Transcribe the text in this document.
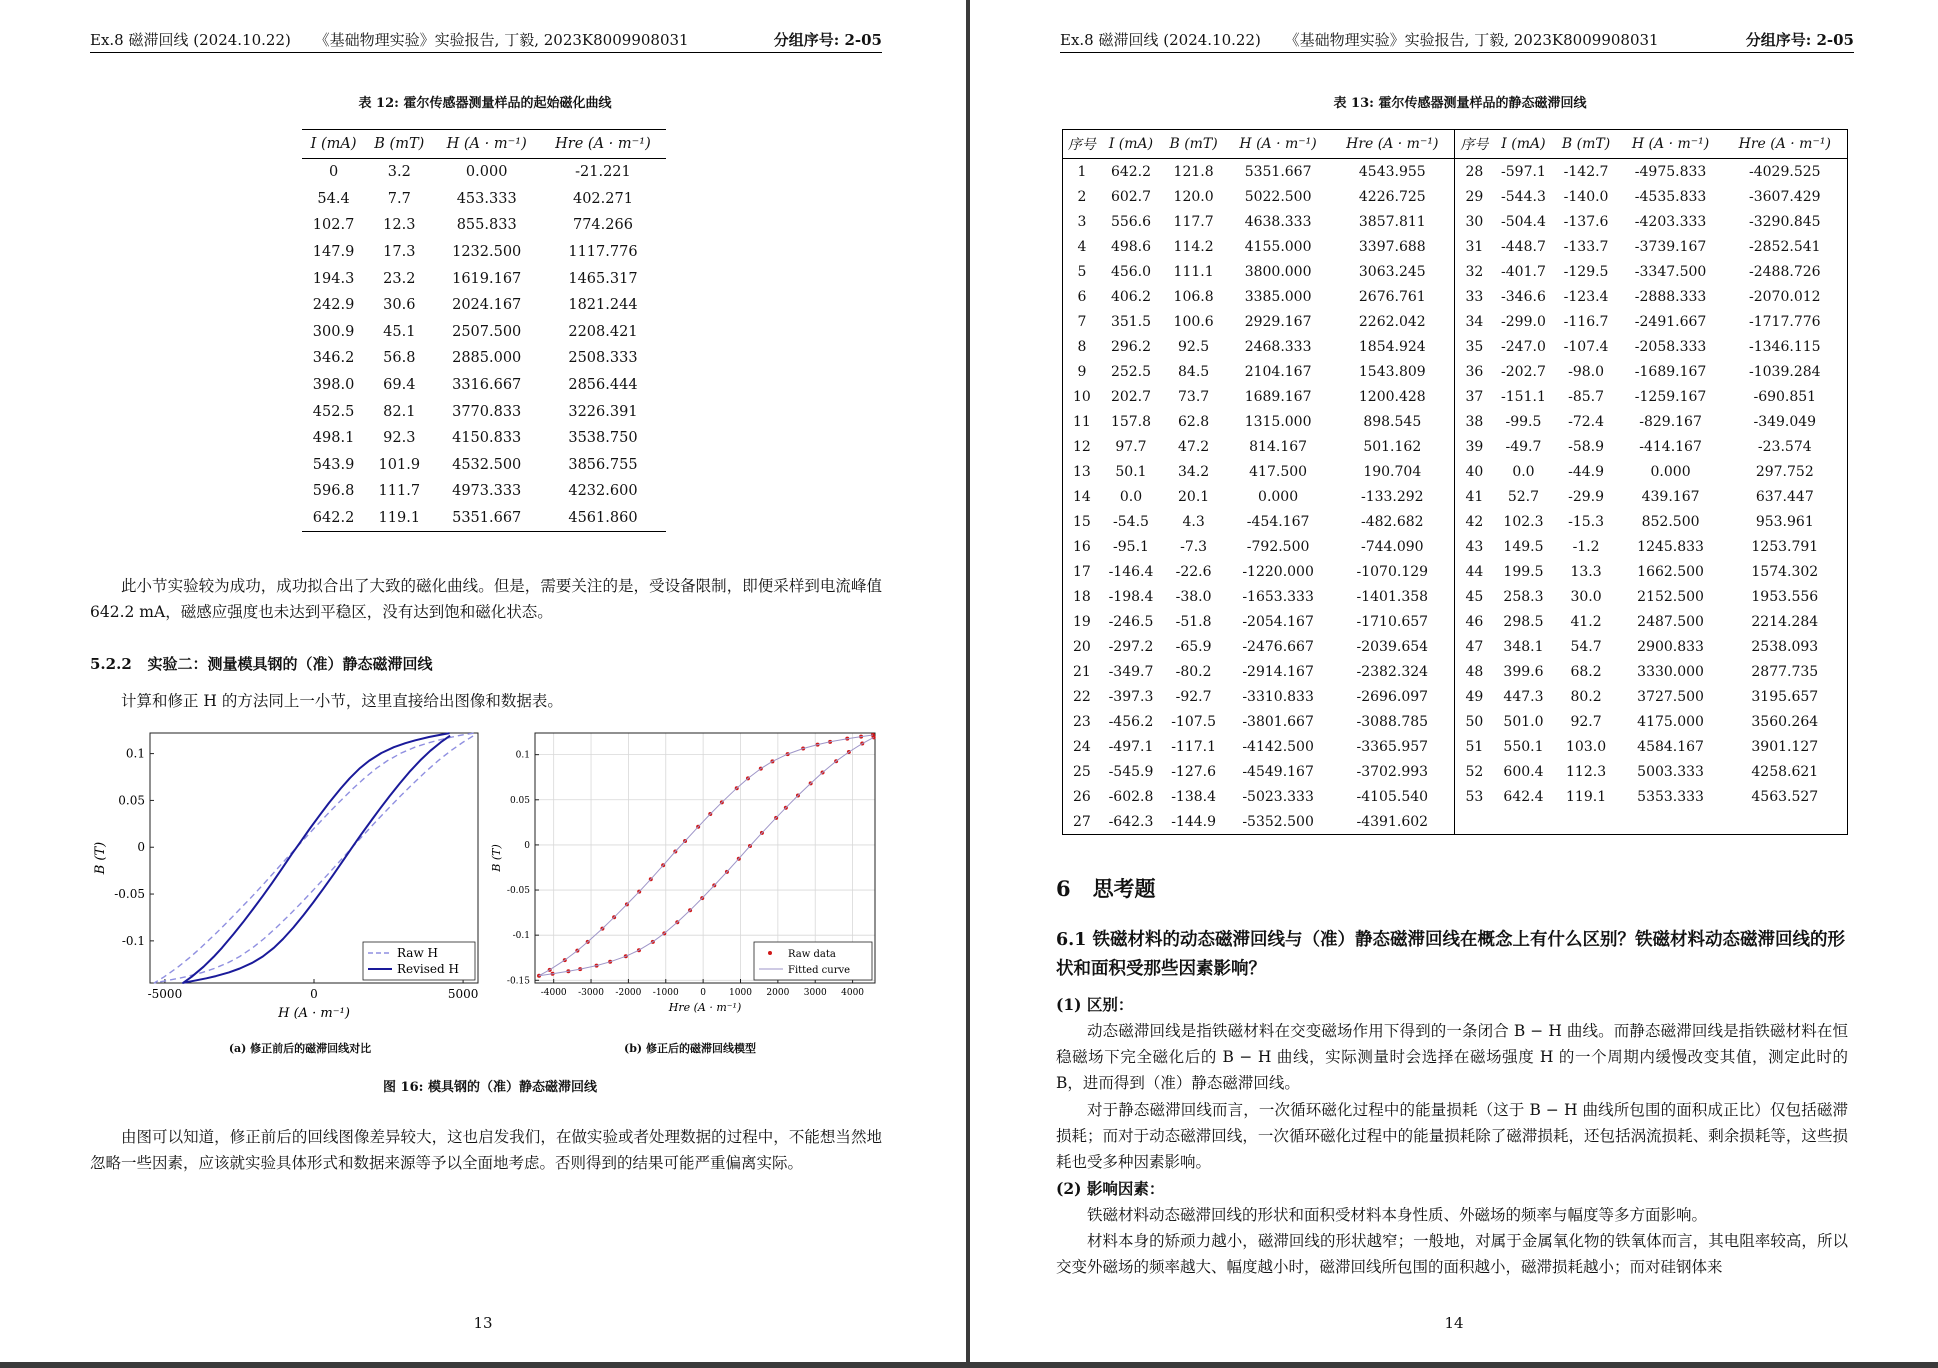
Ex.8 磁滞回线 (2024.10.22)     《基础物理实验》实验报告, 丁毅, 2023K8009908031	分组序号: 2-05
表 12: 霍尔传感器测量样品的起始磁化曲线
I (mA)	B (mT)	H (A · m⁻¹)	Hre (A · m⁻¹)
0	3.2	0.000	-21.221
54.4	7.7	453.333	402.271
102.7	12.3	855.833	774.266
147.9	17.3	1232.500	1117.776
194.3	23.2	1619.167	1465.317
242.9	30.6	2024.167	1821.244
300.9	45.1	2507.500	2208.421
346.2	56.8	2885.000	2508.333
398.0	69.4	3316.667	2856.444
452.5	82.1	3770.833	3226.391
498.1	92.3	4150.833	3538.750
543.9	101.9	4532.500	3856.755
596.8	111.7	4973.333	4232.600
642.2	119.1	5351.667	4561.860
此小节实验较为成功，成功拟合出了大致的磁化曲线。但是，需要关注的是，受设备限制，即便采样到电流峰值 642.2 mA，磁感应强度也未达到平稳区，没有达到饱和磁化状态。
5.2.2 实验二：测量模具钢的（准）静态磁滞回线
计算和修正 H 的方法同上一小节，这里直接给出图像和数据表。
-5000	0	5000
0.1
0.05
0
-0.05
-0.1
H (A · m⁻¹)
B (T)
Raw H
Revised H
-4000 -3000 -2000 -1000 0	1000 2000 3000 4000
0.1
0.05
0
-0.05
-0.1
-0.15
Hre (A · m⁻¹)
B (T)
Raw data
Fitted curve
(a) 修正前后的磁滞回线对比	(b) 修正后的磁滞回线模型
图 16: 模具钢的（准）静态磁滞回线
由图可以知道，修正前后的回线图像差异较大，这也启发我们，在做实验或者处理数据的过程中，不能想当然地忽略一些因素，应该就实验具体形式和数据来源等予以全面地考虑。否则得到的结果可能严重偏离实际。
13
Ex.8 磁滞回线 (2024.10.22)     《基础物理实验》实验报告, 丁毅, 2023K8009908031	分组序号: 2-05
表 13: 霍尔传感器测量样品的静态磁滞回线
序号	I (mA)	B (mT)	H (A · m⁻¹)	Hre (A · m⁻¹)	序号	I (mA)	B (mT)	H (A · m⁻¹)	Hre (A · m⁻¹)
1	642.2	121.8	5351.667	4543.955	28	-597.1	-142.7	-4975.833	-4029.525
2	602.7	120.0	5022.500	4226.725	29	-544.3	-140.0	-4535.833	-3607.429
3	556.6	117.7	4638.333	3857.811	30	-504.4	-137.6	-4203.333	-3290.845
4	498.6	114.2	4155.000	3397.688	31	-448.7	-133.7	-3739.167	-2852.541
5	456.0	111.1	3800.000	3063.245	32	-401.7	-129.5	-3347.500	-2488.726
6	406.2	106.8	3385.000	2676.761	33	-346.6	-123.4	-2888.333	-2070.012
7	351.5	100.6	2929.167	2262.042	34	-299.0	-116.7	-2491.667	-1717.776
8	296.2	92.5	2468.333	1854.924	35	-247.0	-107.4	-2058.333	-1346.115
9	252.5	84.5	2104.167	1543.809	36	-202.7	-98.0	-1689.167	-1039.284
10	202.7	73.7	1689.167	1200.428	37	-151.1	-85.7	-1259.167	-690.851
11	157.8	62.8	1315.000	898.545	38	-99.5	-72.4	-829.167	-349.049
12	97.7	47.2	814.167	501.162	39	-49.7	-58.9	-414.167	-23.574
13	50.1	34.2	417.500	190.704	40	0.0	-44.9	0.000	297.752
14	0.0	20.1	0.000	-133.292	41	52.7	-29.9	439.167	637.447
15	-54.5	4.3	-454.167	-482.682	42	102.3	-15.3	852.500	953.961
16	-95.1	-7.3	-792.500	-744.090	43	149.5	-1.2	1245.833	1253.791
17	-146.4	-22.6	-1220.000	-1070.129	44	199.5	13.3	1662.500	1574.302
18	-198.4	-38.0	-1653.333	-1401.358	45	258.3	30.0	2152.500	1953.556
19	-246.5	-51.8	-2054.167	-1710.657	46	298.5	41.2	2487.500	2214.284
20	-297.2	-65.9	-2476.667	-2039.654	47	348.1	54.7	2900.833	2538.093
21	-349.7	-80.2	-2914.167	-2382.324	48	399.6	68.2	3330.000	2877.735
22	-397.3	-92.7	-3310.833	-2696.097	49	447.3	80.2	3727.500	3195.657
23	-456.2	-107.5	-3801.667	-3088.785	50	501.0	92.7	4175.000	3560.264
24	-497.1	-117.1	-4142.500	-3365.957	51	550.1	103.0	4584.167	3901.127
25	-545.9	-127.6	-4549.167	-3702.993	52	600.4	112.3	5003.333	4258.621
26	-602.8	-138.4	-5023.333	-4105.540	53	642.4	119.1	5353.333	4563.527
27	-642.3	-144.9	-5352.500	-4391.602					
6 思考题
6.1 铁磁材料的动态磁滞回线与（准）静态磁滞回线在概念上有什么区别？铁磁材料动态磁滞回线的形状和面积受那些因素影响？
(1) 区别：
动态磁滞回线是指铁磁材料在交变磁场作用下得到的一条闭合 B − H 曲线。而静态磁滞回线是指铁磁材料在恒稳磁场下完全磁化后的 B − H 曲线，实际测量时会选择在磁场强度 H 的一个周期内缓慢改变其值，测定此时的 B，进而得到（准）静态磁滞回线。
对于静态磁滞回线而言，一次循环磁化过程中的能量损耗（这于 B − H 曲线所包围的面积成正比）仅包括磁滞损耗；而对于动态磁滞回线，一次循环磁化过程中的能量损耗除了磁滞损耗，还包括涡流损耗、剩余损耗等，这些损耗也受多种因素影响。
(2) 影响因素：
铁磁材料动态磁滞回线的形状和面积受材料本身性质、外磁场的频率与幅度等多方面影响。
材料本身的矫顽力越小，磁滞回线的形状越窄；一般地，对属于金属氧化物的铁氧体而言，其电阻率较高，所以交变外磁场的频率越大、幅度越小时，磁滞回线所包围的面积越小，磁滞损耗越小；而对硅钢体来
14
